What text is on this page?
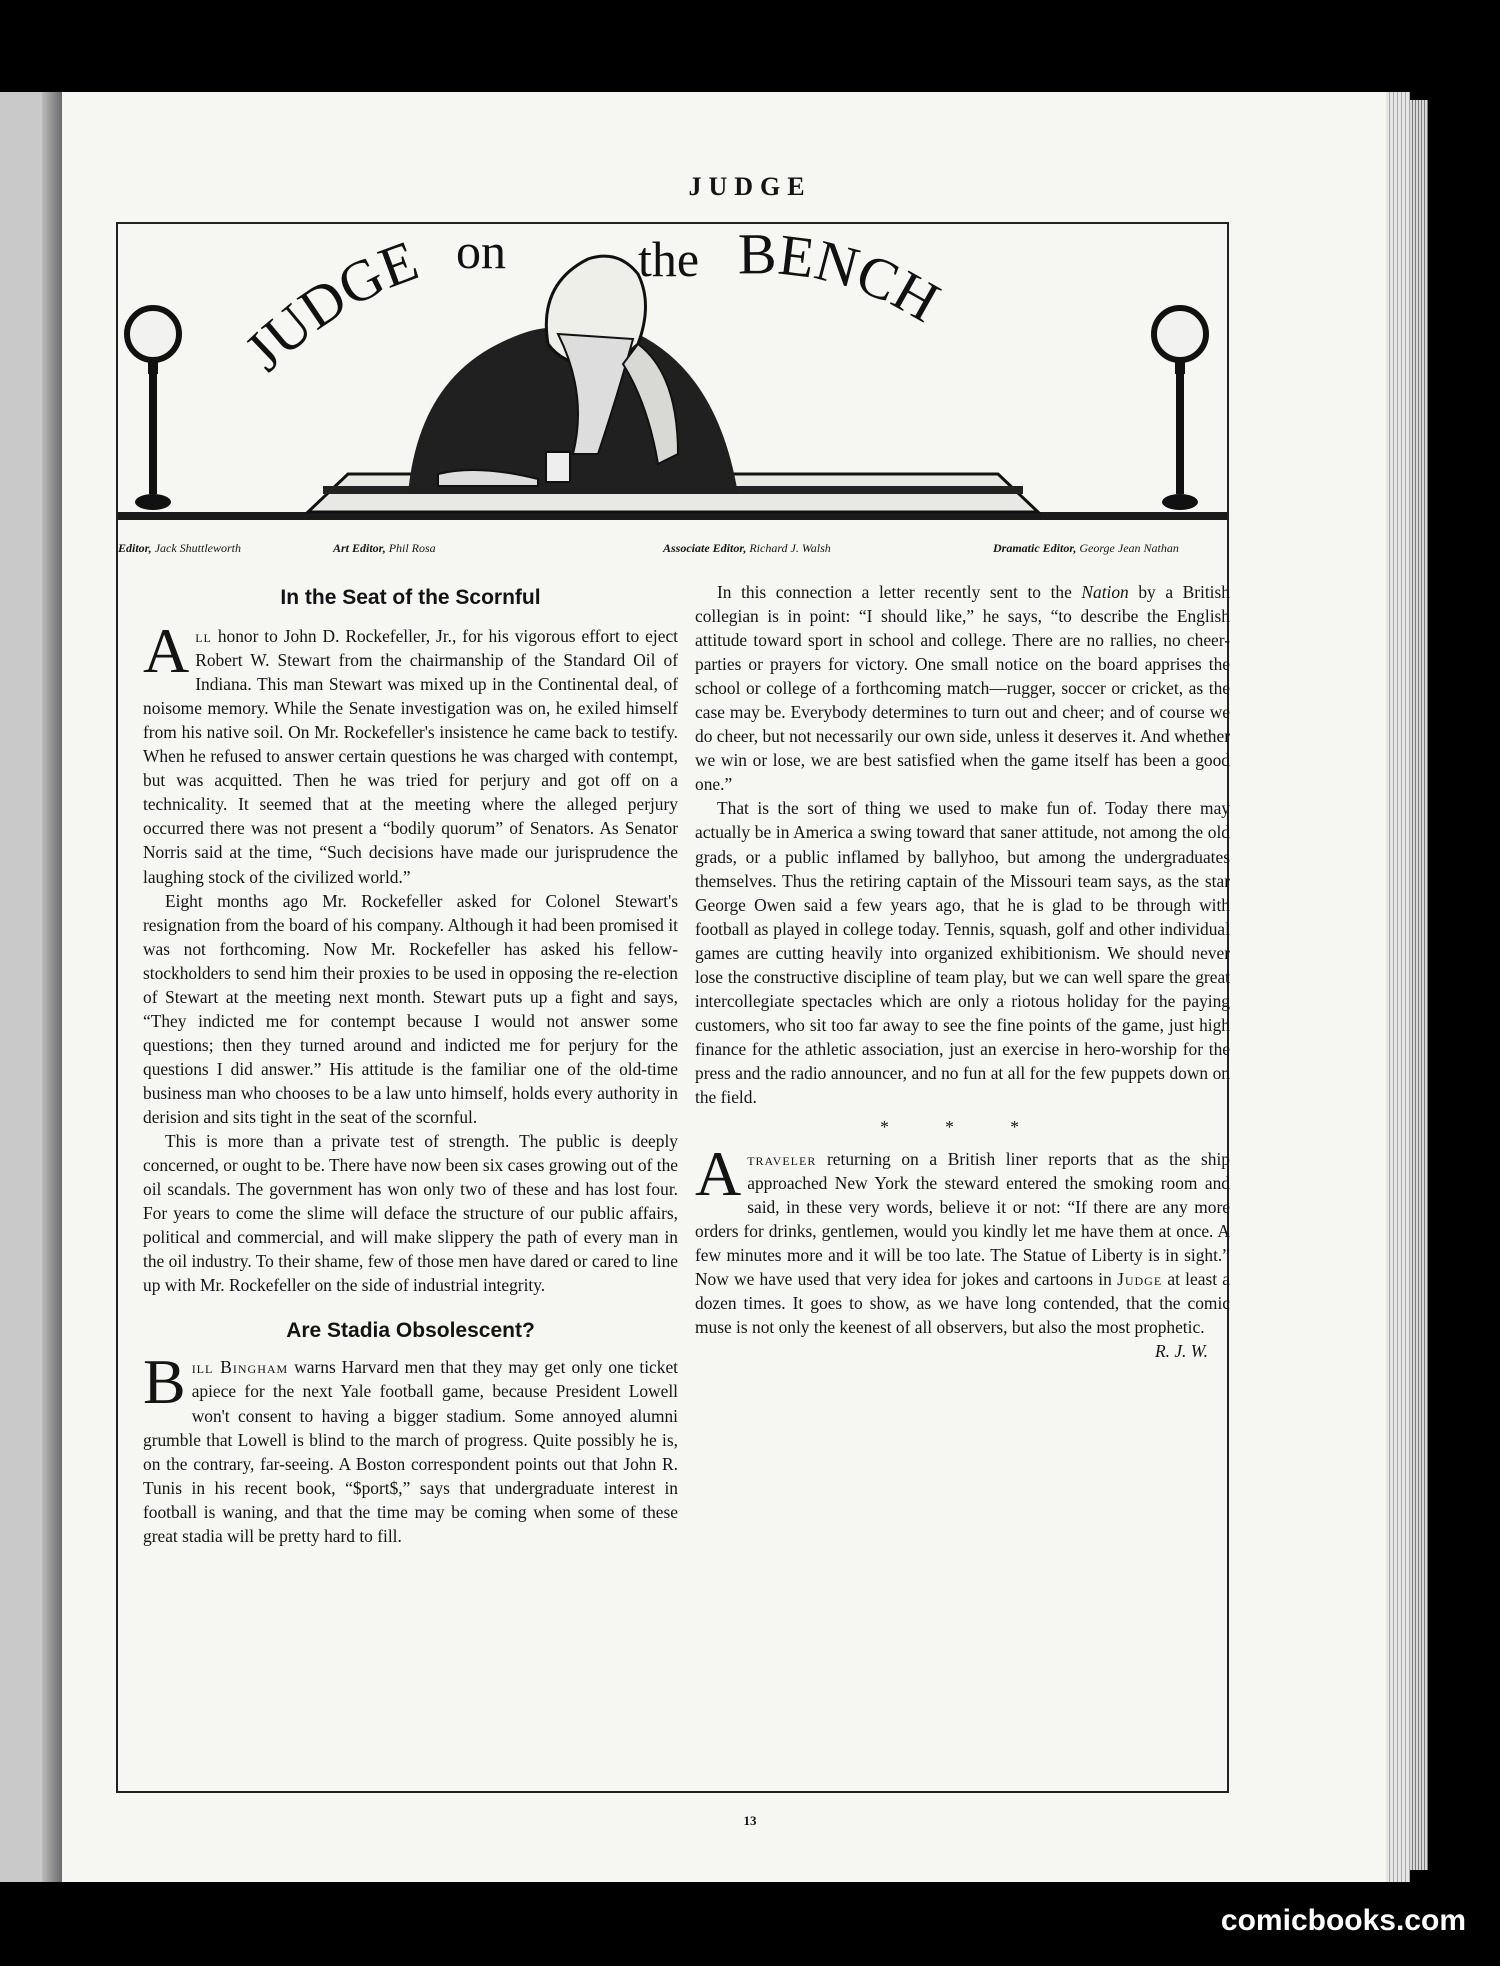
JUDGE
JUDGE on	the BENCH
Editor, Jack Shuttleworth	Art Editor, Phil Rosa	Associate Editor, Richard J. Walsh	Dramatic Editor, George Jean Nathan
In the Seat of the Scornful

All honor to John D. Rockefeller, Jr., for his vigorous effort to eject Robert W. Stewart from the chairmanship of the Standard Oil of Indiana. This man Stewart was mixed up in the Continental deal, of noisome memory. While the Senate investigation was on, he exiled himself from his native soil. On Mr. Rockefeller's insistence he came back to testify. When he refused to answer certain questions he was charged with contempt, but was acquitted. Then he was tried for perjury and got off on a technicality. It seemed that at the meeting where the alleged perjury occurred there was not present a “bodily quorum” of Senators. As Senator Norris said at the time, “Such decisions have made our jurisprudence the laughing stock of the civilized world.”

Eight months ago Mr. Rockefeller asked for Colonel Stewart's resignation from the board of his company. Although it had been promised it was not forthcoming. Now Mr. Rockefeller has asked his fellow-stockholders to send him their proxies to be used in opposing the re-election of Stewart at the meeting next month. Stewart puts up a fight and says, “They indicted me for contempt because I would not answer some questions; then they turned around and indicted me for perjury for the questions I did answer.” His attitude is the familiar one of the old-time business man who chooses to be a law unto himself, holds every authority in derision and sits tight in the seat of the scornful.

This is more than a private test of strength. The public is deeply concerned, or ought to be. There have now been six cases growing out of the oil scandals. The government has won only two of these and has lost four. For years to come the slime will deface the structure of our public affairs, political and commercial, and will make slippery the path of every man in the oil industry. To their shame, few of those men have dared or cared to line up with Mr. Rockefeller on the side of industrial integrity.

Are Stadia Obsolescent?

Bill Bingham warns Harvard men that they may get only one ticket apiece for the next Yale football game, because President Lowell won't consent to having a bigger stadium. Some annoyed alumni grumble that Lowell is blind to the march of progress. Quite possibly he is, on the contrary, far-seeing. A Boston correspondent points out that John R. Tunis in his recent book, “$port$,” says that undergraduate interest in football is waning, and that the time may be coming when some of these great stadia will be pretty hard to fill.

In this connection a letter recently sent to the Nation by a British collegian is in point: “I should like,” he says, “to describe the English attitude toward sport in school and college. There are no rallies, no cheer-parties or prayers for victory. One small notice on the board apprises the school or college of a forthcoming match—rugger, soccer or cricket, as the case may be. Everybody determines to turn out and cheer; and of course we do cheer, but not necessarily our own side, unless it deserves it. And whether we win or lose, we are best satisfied when the game itself has been a good one.”

That is the sort of thing we used to make fun of. Today there may actually be in America a swing toward that saner attitude, not among the old grads, or a public inflamed by ballyhoo, but among the undergraduates themselves. Thus the retiring captain of the Missouri team says, as the star George Owen said a few years ago, that he is glad to be through with football as played in college today. Tennis, squash, golf and other individual games are cutting heavily into organized exhibitionism. We should never lose the constructive discipline of team play, but we can well spare the great intercollegiate spectacles which are only a riotous holiday for the paying customers, who sit too far away to see the fine points of the game, just high finance for the athletic association, just an exercise in hero-worship for the press and the radio announcer, and no fun at all for the few puppets down on the field.

* * *

Atraveler returning on a British liner reports that as the ship approached New York the steward entered the smoking room and said, in these very words, believe it or not: “If there are any more orders for drinks, gentlemen, would you kindly let me have them at once. A few minutes more and it will be too late. The Statue of Liberty is in sight.” Now we have used that very idea for jokes and cartoons in Judge at least a dozen times. It goes to show, as we have long contended, that the comic muse is not only the keenest of all observers, but also the most prophetic.

R. J. W.
13
comicbooks.com
